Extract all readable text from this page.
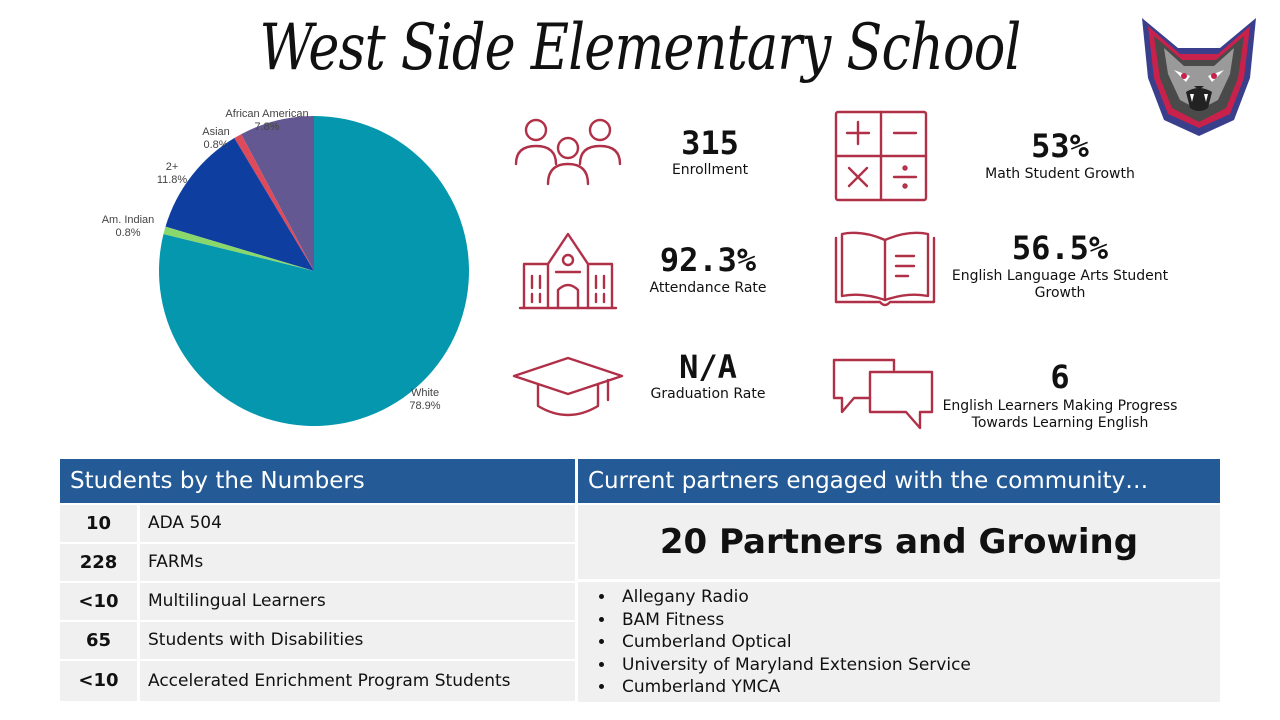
West Side Elementary School
African American
7.8%
Asian
0.8%
2+
11.8%
Am. Indian
0.8%
White
78.9%
315
Enrollment
92.3%
Attendance Rate
N/A
Graduation Rate
53%
Math Student Growth
56.5%
English Language Arts Student
Growth
6
English Learners Making Progress
Towards Learning English
Students by the Numbers
10	ADA 504
228	FARMs
<10	Multilingual Learners
65	Students with Disabilities
<10	Accelerated Enrichment Program Students
Current partners engaged with the community…
20 Partners and Growing
• Allegany Radio
• BAM Fitness
• Cumberland Optical
• University of Maryland Extension Service
• Cumberland YMCA
